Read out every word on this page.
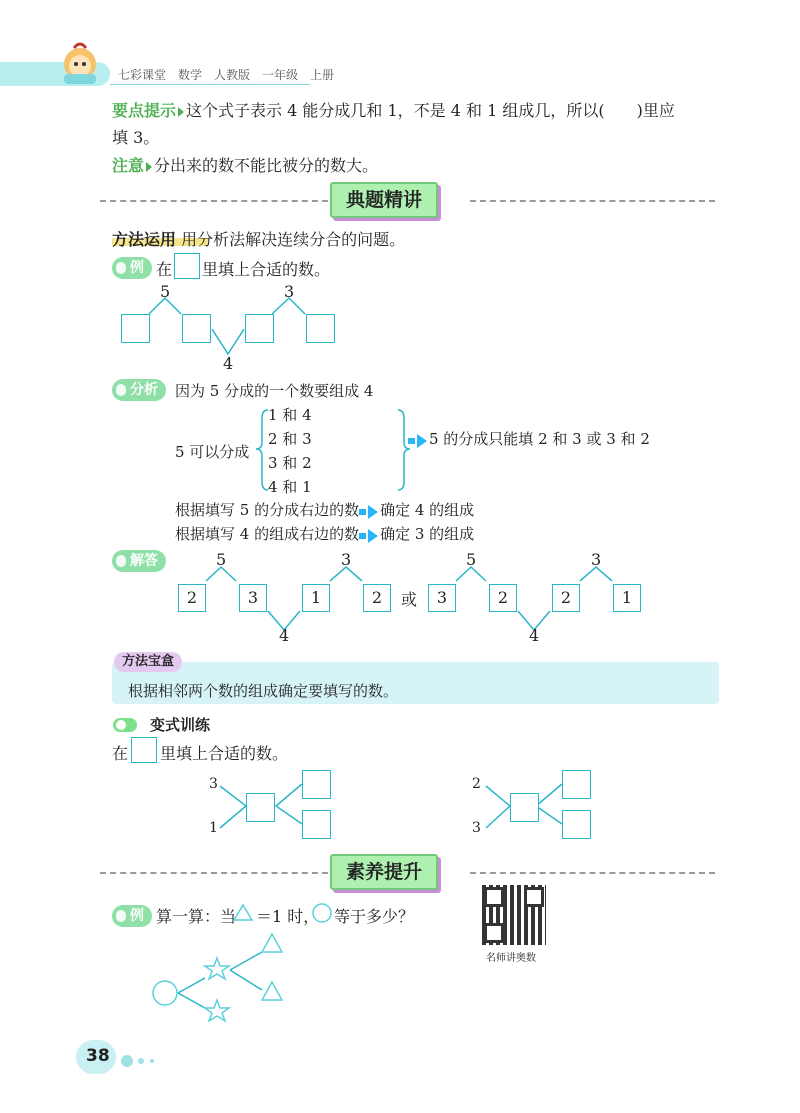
七彩课堂　数学　人教版　一年级　上册
要点提示 这个式子表示 4 能分成几和 1，不是 4 和 1 组成几，所以(　　)里应
填 3。
注意 分出来的数不能比被分的数大。
典题精讲
方法运用 用分析法解决连续分合的问题。
例 在 里填上合适的数。
5	3
4
分析	因为 5 分成的一个数要组成 4
5 可以分成
1 和 4
2 和 3
3 和 2
4 和 1
5 的分成只能填 2 和 3 或 3 和 2
根据填写 5 的分成右边的数 确定 4 的组成
根据填写 4 的组成右边的数 确定 3 的组成
解答	5	3
2	3	1	2
4
或
5	3
3	2	2	1
4
方法宝盒
根据相邻两个数的组成确定要填写的数。
变式训练
在 里填上合适的数。
3
1
2
3
素养提升
例 算一算：当 ＝1 时， 等于多少？
名师讲奥数
38
